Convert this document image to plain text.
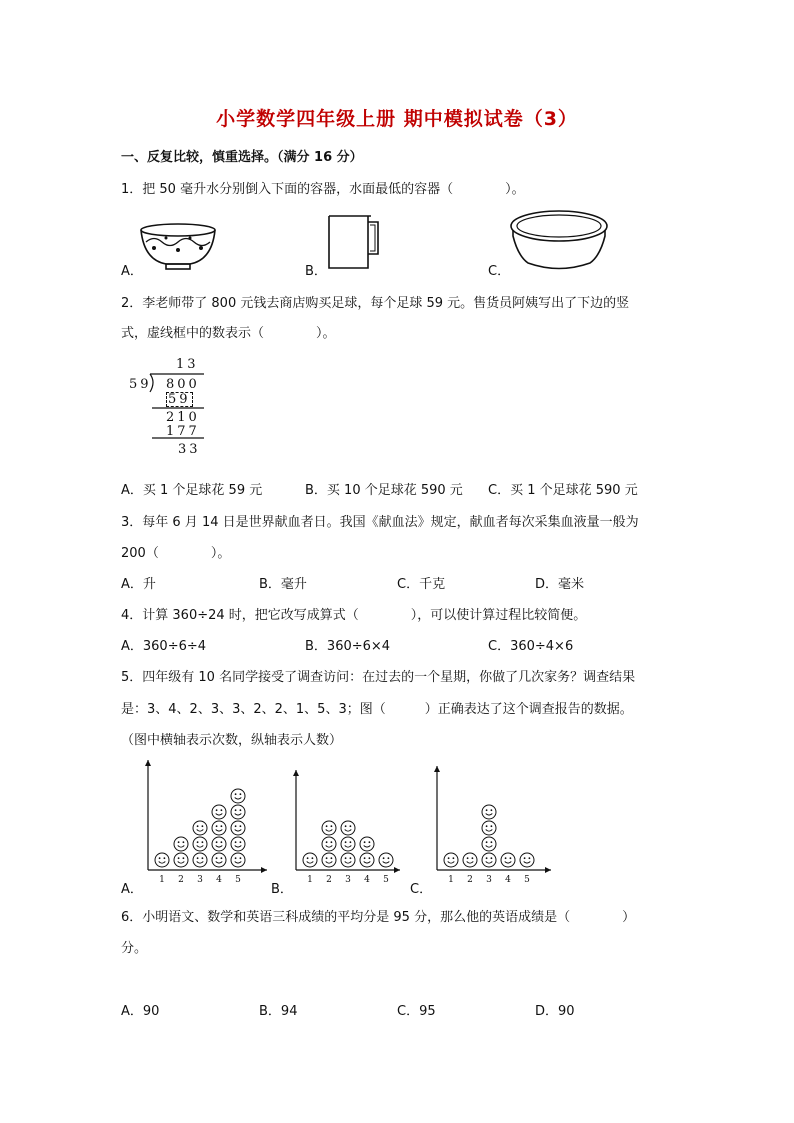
小学数学四年级上册 期中模拟试卷（3）
一、反复比较，慎重选择。（满分 16 分）
1．把 50 毫升水分别倒入下面的容器，水面最低的容器（　　　　）。
A．	B．	C．
2．李老师带了 800 元钱去商店购买足球，每个足球 59 元。售货员阿姨写出了下边的竖
式，虚线框中的数表示（　　　　）。
13
59 800
59
210
177
33
A．买 1 个足球花 59 元	B．买 10 个足球花 590 元 C．买 1 个足球花 590 元
3．每年 6 月 14 日是世界献血者日。我国《献血法》规定，献血者每次采集血液量一般为
200（　　　　）。
A．升	B．毫升	C．千克	D．毫米
4．计算 360÷24 时，把它改写成算式（　　　　），可以使计算过程比较简便。
A．360÷6÷4	B．360÷6×4	C．360÷4×6
5．四年级有 10 名同学接受了调查访问：在过去的一个星期，你做了几次家务？调查结果
是：3、4、2、3、3、2、2、1、5、3；图（　　　）正确表达了这个调查报告的数据。
（图中横轴表示次数，纵轴表示人数）
1 2 3 4 5	1 2 3 4 5	1 2 3 4 5
A．	B．	C．
6．小明语文、数学和英语三科成绩的平均分是 95 分，那么他的英语成绩是（　　　　）
分。
A．90	B．94	C．95	D．90
